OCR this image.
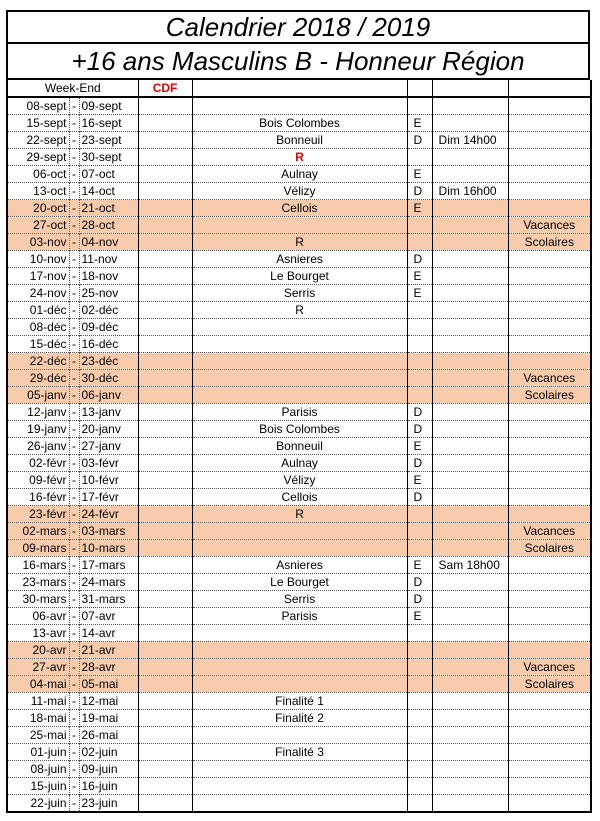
Calendrier 2018 / 2019
+16 ans Masculins B - Honneur Région
Week-End			CDF				
08-sept	-	09-sept					
15-sept	-	16-sept		Bois Colombes	E		
22-sept	-	23-sept		Bonneuil	D	Dim 14h00	
29-sept	-	30-sept		R			
06-oct	-	07-oct		Aulnay	E		
13-oct	-	14-oct		Vélizy	D	Dim 16h00	
20-oct	-	21-oct		Cellois	E		
27-oct	-	28-oct					Vacances
03-nov	-	04-nov		R			Scolaires
10-nov	-	11-nov		Asnieres	D		
17-nov	-	18-nov		Le Bourget	E		
24-nov	-	25-nov		Serris	E		
01-déc	-	02-déc		R			
08-déc	-	09-déc					
15-déc	-	16-déc					
22-déc	-	23-déc					
29-déc	-	30-déc					Vacances
05-janv	-	06-janv					Scolaires
12-janv	-	13-janv		Parisis	D		
19-janv	-	20-janv		Bois Colombes	D		
26-janv	-	27-janv		Bonneuil	E		
02-févr	-	03-févr		Aulnay	D		
09-févr	-	10-févr		Vélizy	E		
16-févr	-	17-févr		Cellois	D		
23-févr	-	24-févr		R			
02-mars	-	03-mars					Vacances
09-mars	-	10-mars					Scolaires
16-mars	-	17-mars		Asnieres	E	Sam 18h00	
23-mars	-	24-mars		Le Bourget	D		
30-mars	-	31-mars		Serris	D		
06-avr	-	07-avr		Parisis	E		
13-avr	-	14-avr					
20-avr	-	21-avr					
27-avr	-	28-avr					Vacances
04-mai	-	05-mai					Scolaires
11-mai	-	12-mai		Finalité 1			
18-mai	-	19-mai		Finalité 2			
25-mai	-	26-mai					
01-juin	-	02-juin		Finalité 3			
08-juin	-	09-juin					
15-juin	-	16-juin					
22-juin	-	23-juin					
